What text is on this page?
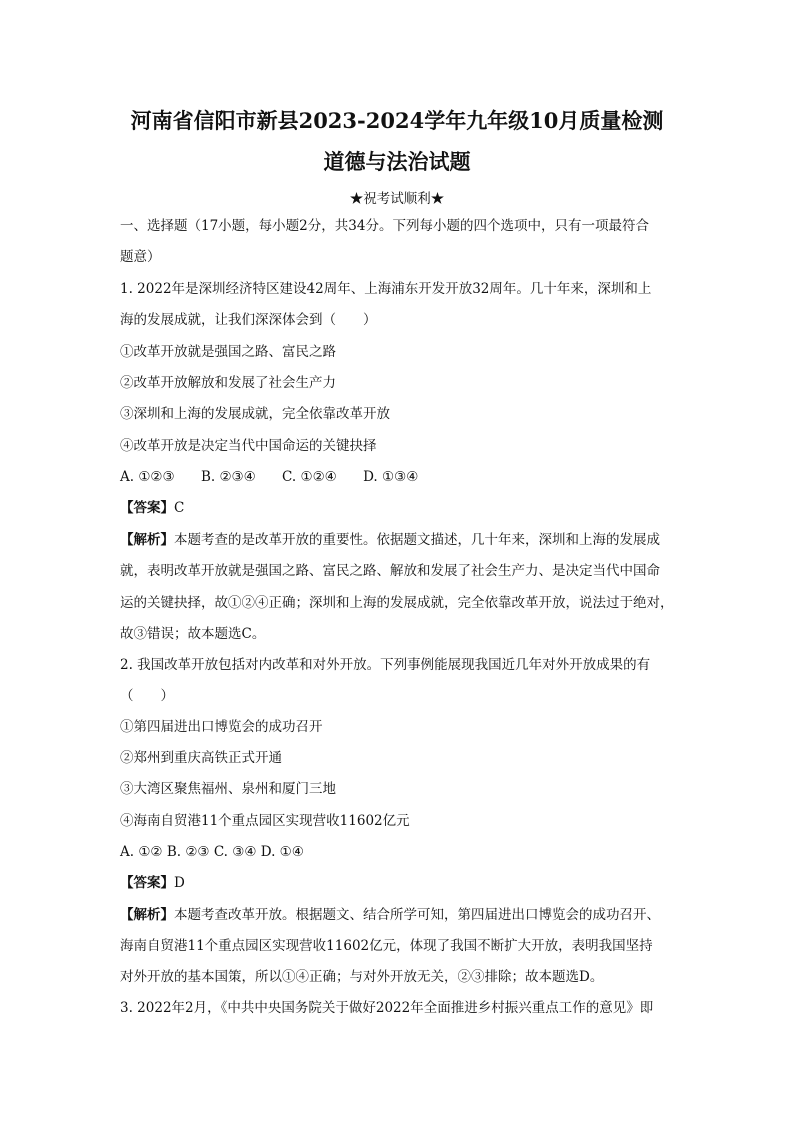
河南省信阳市新县2023-2024学年九年级10月质量检测
道德与法治试题
★祝考试顺利★
一、选择题（17小题，每小题2分，共34分。下列每小题的四个选项中，只有一项最符合
题意）
1. 2022年是深圳经济特区建设42周年、上海浦东开发开放32周年。几十年来，深圳和上
海的发展成就，让我们深深体会到（　　）
①改革开放就是强国之路、富民之路
②改革开放解放和发展了社会生产力
③深圳和上海的发展成就，完全依靠改革开放
④改革开放是决定当代中国命运的关键抉择
A. ①②③ B. ②③④ C. ①②④ D. ①③④
【答案】C
【解析】本题考查的是改革开放的重要性。依据题文描述，几十年来，深圳和上海的发展成
就，表明改革开放就是强国之路、富民之路、解放和发展了社会生产力、是决定当代中国命
运的关键抉择，故①②④正确；深圳和上海的发展成就，完全依靠改革开放，说法过于绝对，
故③错误；故本题选C。
2. 我国改革开放包括对内改革和对外开放。下列事例能展现我国近几年对外开放成果的有
（　　）
①第四届进出口博览会的成功召开
②郑州到重庆高铁正式开通
③大湾区聚焦福州、泉州和厦门三地
④海南自贸港11个重点园区实现营收11602亿元
A. ①② B. ②③ C. ③④ D. ①④
【答案】D
【解析】本题考查改革开放。根据题文、结合所学可知，第四届进出口博览会的成功召开、
海南自贸港11个重点园区实现营收11602亿元，体现了我国不断扩大开放，表明我国坚持
对外开放的基本国策，所以①④正确；与对外开放无关，②③排除；故本题选D。
3. 2022年2月，《中共中央国务院关于做好2022年全面推进乡村振兴重点工作的意见》即
